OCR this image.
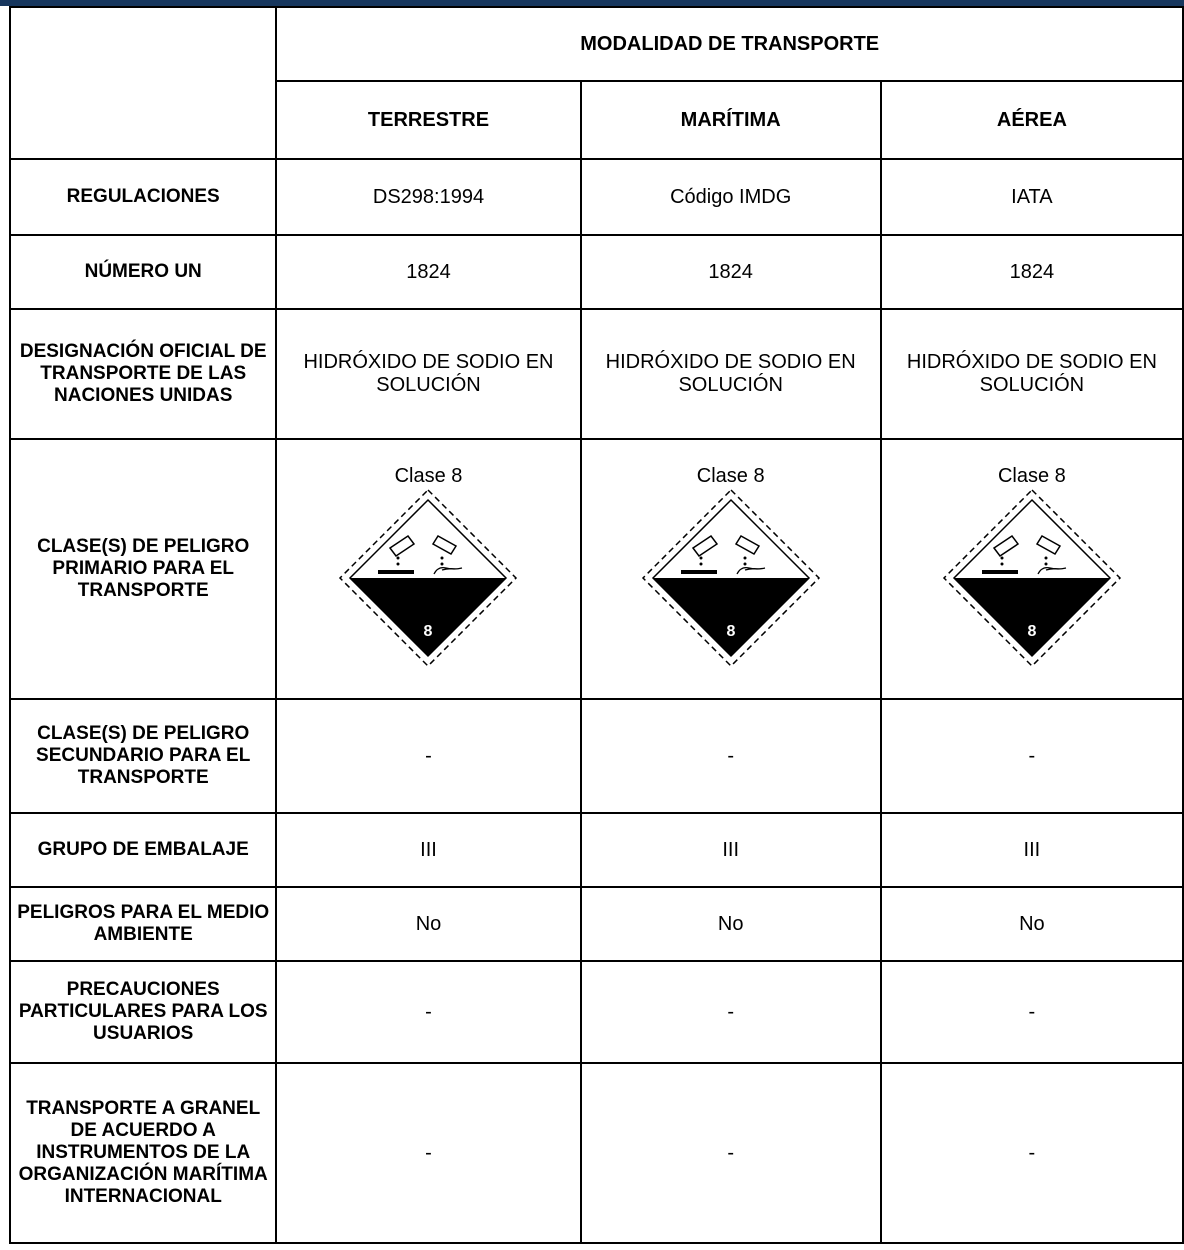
	MODALIDAD DE TRANSPORTE		
	TERRESTRE	MARÍTIMA	AÉREA
REGULACIONES	DS298:1994	Código IMDG	IATA
NÚMERO UN	1824	1824	1824
DESIGNACIÓN OFICIAL DE TRANSPORTE DE LAS NACIONES UNIDAS	HIDRÓXIDO DE SODIO EN SOLUCIÓN	HIDRÓXIDO DE SODIO EN SOLUCIÓN	HIDRÓXIDO DE SODIO EN SOLUCIÓN
CLASE(S) DE PELIGRO PRIMARIO PARA EL TRANSPORTE	Clase 8	Clase 8	Clase 8

CLASE(S) DE PELIGRO SECUNDARIO PARA EL TRANSPORTE	-	-	-
GRUPO DE EMBALAJE	III	III	III
PELIGROS PARA EL MEDIO AMBIENTE	No	No	No
PRECAUCIONES PARTICULARES PARA LOS USUARIOS	-	-	-
TRANSPORTE A GRANEL DE ACUERDO A INSTRUMENTOS DE LA ORGANIZACIÓN MARÍTIMA INTERNACIONAL	-	-	-
